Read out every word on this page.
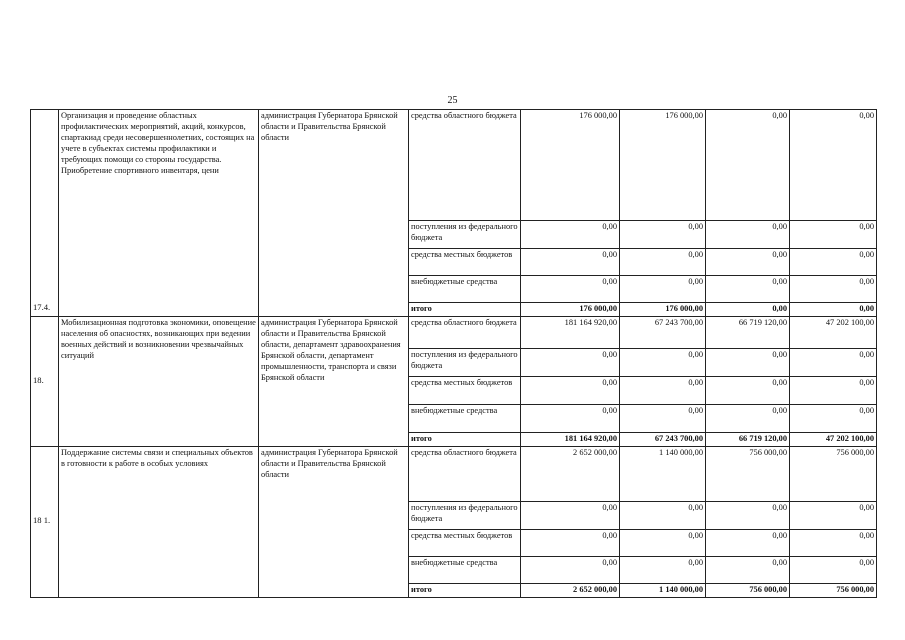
25
17.4.	Организация и проведение областных профилактических мероприятий, акций, конкурсов, спартакиад среди несовершеннолетних, состоящих на учете в субъектах системы профилактики и требующих помощи со стороны государства. Приобретение спортивного инвентаря, цени	администрация Губернатора Брянской области и Правительства Брянской области	средства областного бюджета	176 000,00	176 000,00	0,00	0,00
			поступления из федерального бюджета	0,00	0,00	0,00	0,00
			средства местных бюджетов	0,00	0,00	0,00	0,00
			внебюджетные средства	0,00	0,00	0,00	0,00
			итого	176 000,00	176 000,00	0,00	0,00
18.	Мобилизационная подготовка экономики, оповещение населения об опасностях, возникающих при ведении военных действий и возникновении чрезвычайных ситуаций	администрация Губернатора Брянской области и Правительства Брянской области, департамент здравоохранения Брянской области, департамент промышленности, транспорта и связи Брянской области	средства областного бюджета	181 164 920,00	67 243 700,00	66 719 120,00	47 202 100,00
			поступления из федерального бюджета	0,00	0,00	0,00	0,00
			средства местных бюджетов	0,00	0,00	0,00	0,00
			внебюджетные средства	0,00	0,00	0,00	0,00
			итого	181 164 920,00	67 243 700,00	66 719 120,00	47 202 100,00
18 1.	Поддержание системы связи и специальных объектов в готовности к работе в особых условиях	администрация Губернатора Брянской области и Правительства Брянской области	средства областного бюджета	2 652 000,00	1 140 000,00	756 000,00	756 000,00
			поступления из федерального бюджета	0,00	0,00	0,00	0,00
			средства местных бюджетов	0,00	0,00	0,00	0,00
			внебюджетные средства	0,00	0,00	0,00	0,00
			итого	2 652 000,00	1 140 000,00	756 000,00	756 000,00
